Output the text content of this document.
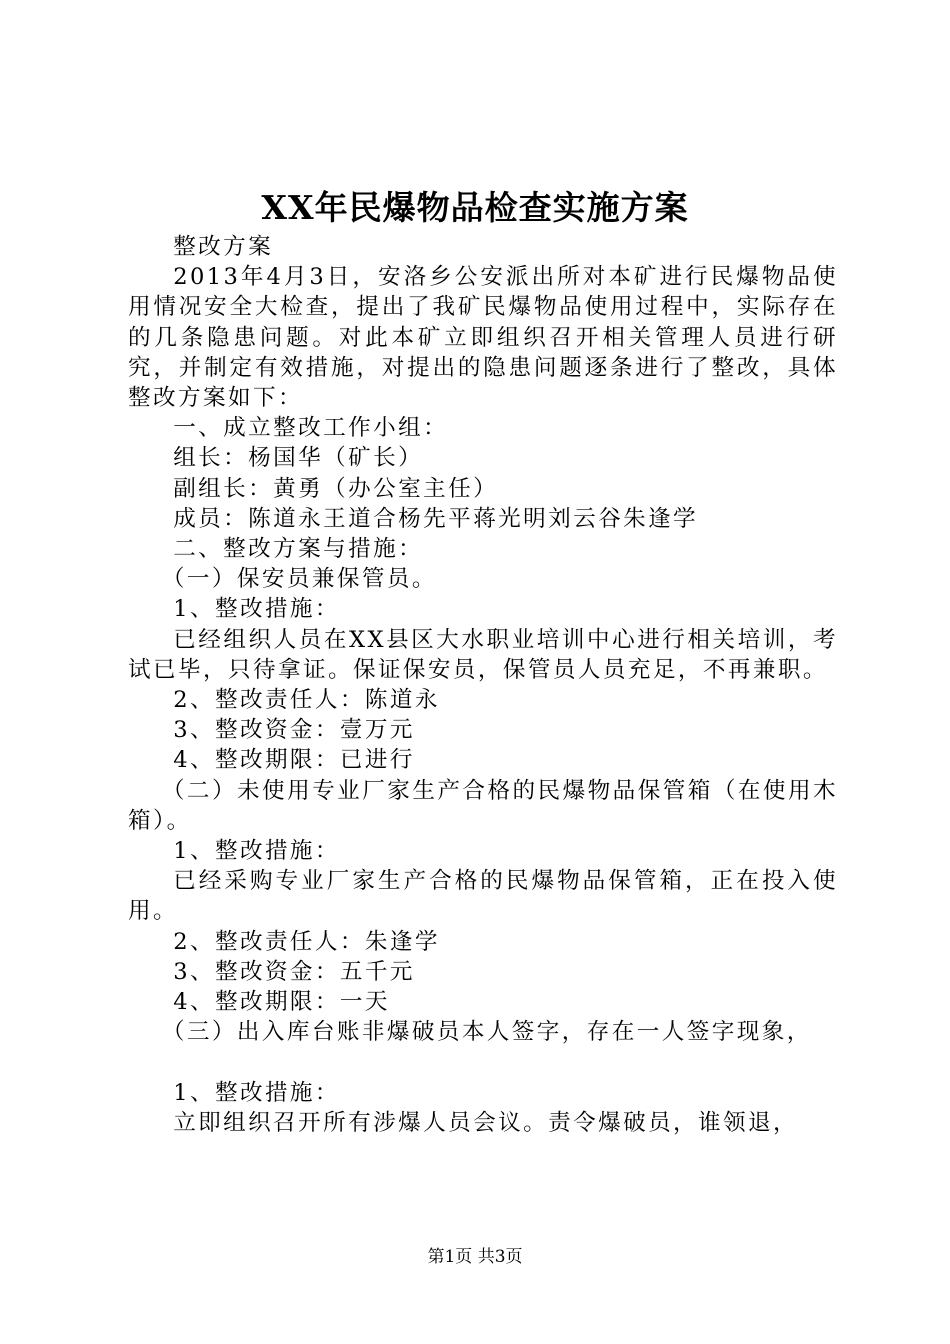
XX年民爆物品检查实施方案

整改方案

2013年4月3日，安洛乡公安派出所对本矿进行民爆物品使用情况安全大检查，提出了我矿民爆物品使用过程中，实际存在的几条隐患问题。对此本矿立即组织召开相关管理人员进行研究，并制定有效措施，对提出的隐患问题逐条进行了整改，具体整改方案如下：

一、成立整改工作小组：

组长：杨国华（矿长）

副组长：黄勇（办公室主任）

成员：陈道永王道合杨先平蒋光明刘云谷朱逢学

二、整改方案与措施：

（一）保安员兼保管员。

1、整改措施：

已经组织人员在XX县区大水职业培训中心进行相关培训，考试已毕，只待拿证。保证保安员，保管员人员充足，不再兼职。

2、整改责任人：陈道永

3、整改资金：壹万元

4、整改期限：已进行

（二）未使用专业厂家生产合格的民爆物品保管箱（在使用木箱）。

1、整改措施：

已经采购专业厂家生产合格的民爆物品保管箱，正在投入使用。

2、整改责任人：朱逢学

3、整改资金：五千元

4、整改期限：一天

（三）出入库台账非爆破员本人签字，存在一人签字现象，

1、整改措施：

立即组织召开所有涉爆人员会议。责令爆破员，谁领退，

第1页 共3页
